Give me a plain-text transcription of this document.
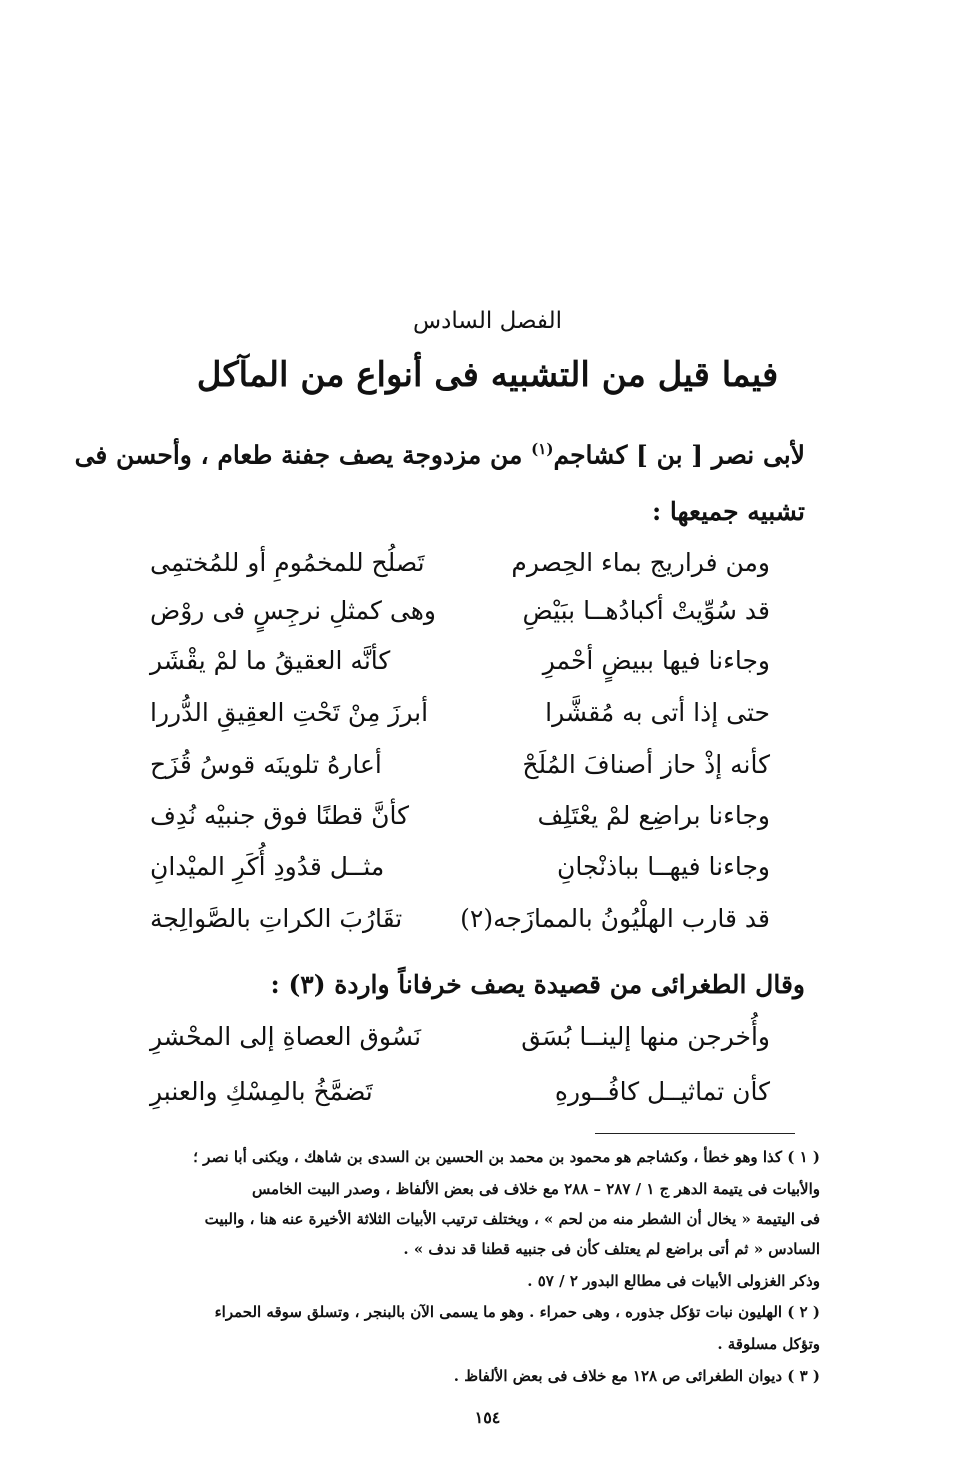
الفصل السادس
فيما قيل من التشبيه فى أنواع من المآكل
لأبى نصر [ بن ] كشاجم$^{(١)}$ من مزدوجة يصف جفنة طعام ، وأحسن فى
تشبيه جميعها :
ومن فراريج بماء الحِصرم
تَصلُح للمخمُومِ أو للمُختمِى
قد سُوِّيتْ أكبادُهــا ببَيْضِ
وهى كمثلِ نرجِسٍ فى روْض
وجاءنا فيها ببيضٍ أحْمرِ
كأنَّه العقيقُ ما لمْ يقْشَر
حتى إذا أتى به مُقشَّرا
أبرزَ مِنْ تَحْتِ العقِيقِ الدُّررا
كأنه إذْ حاز أصنافَ المُلَحْ
أعارهُ تلوينَه قوسُ قُزَح
وجاءنا براضِع لمْ يعْتَلِف
كأنَّ قطنًا فوق جنبيْه نُدِف
وجاءنا فيهــا بباذنْجانِ
مثــل قدُودِ أُكَرِ الميْدانِ
قد قارب الهلْيُونُ بالممازَجه(٢)
تقَارُبَ الكراتِ بالصَّوالِجة
وقال الطغرائى من قصيدة يصف خرفاناً واردة (٣) :
وأُخرجن منها إلينــا بُسَق
نَسُوق العصاةِ إلى المحْشرِ
كأن تماثيــل كافُــورهِ
تَضمَّخُ بالمِسْكِ والعنبرِ
( ١ ) كذا وهو خطأ ، وكشاجم هو محمود بن محمد بن الحسين بن السدى بن شاهك ، ويكنى أبا نصر ؛
والأبيات فى يتيمة الدهر ج ١ / ٢٨٧ – ٢٨٨ مع خلاف فى بعض الألفاظ ، وصدر البيت الخامس
فى اليتيمة « يخال أن الشطر منه من لحم » ، ويختلف ترتيب الأبيات الثلاثة الأخيرة عنه هنا ، والبيت
السادس « ثم أتى براضع لم يعتلف كأن فى جنبيه قطنا قد ندف » .
وذكر الغزولى الأبيات فى مطالع البدور ٢ / ٥٧ .
( ٢ ) الهليون نبات تؤكل جذوره ، وهى حمراء . وهو ما يسمى الآن بالبنجر ، وتسلق سوقه الحمراء
وتؤكل مسلوقة .
( ٣ ) ديوان الطغرائى ص ١٢٨ مع خلاف فى بعض الألفاظ .
١٥٤
